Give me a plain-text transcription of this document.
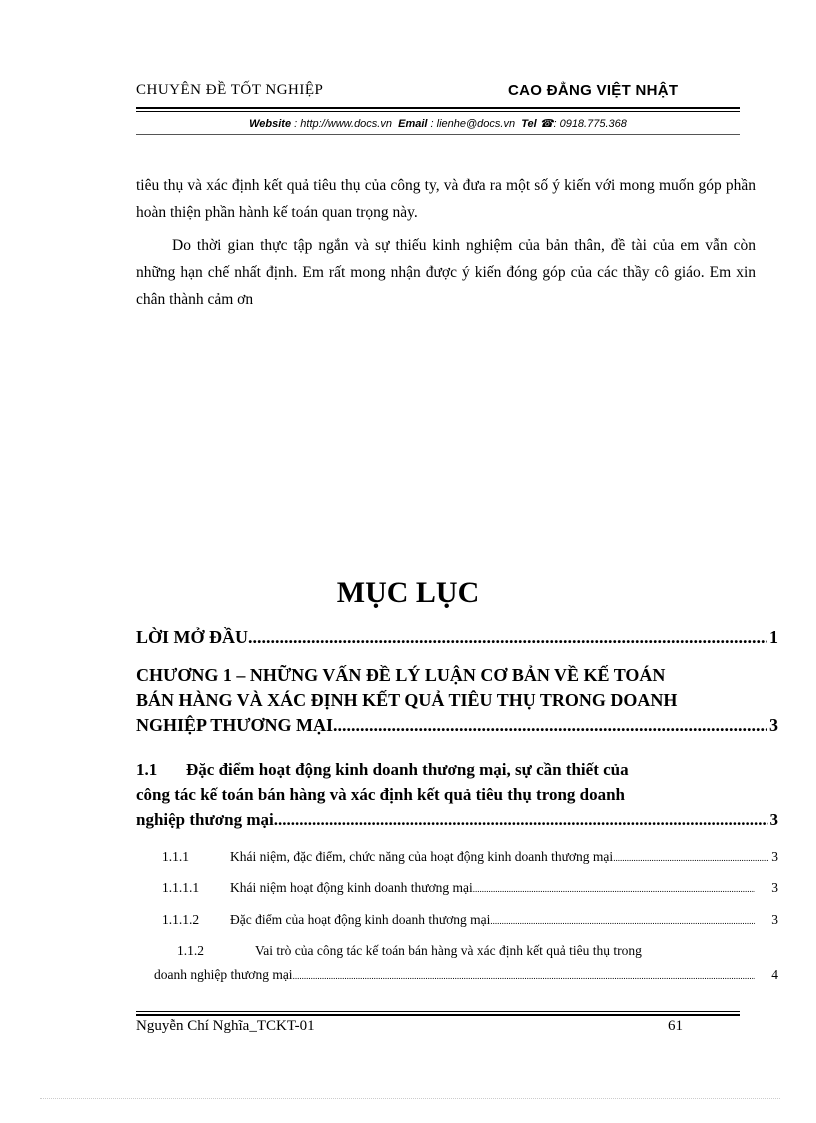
CHUYÊN ĐỀ TỐT NGHIỆP	CAO ĐẲNG VIỆT NHẬT
Website : http://www.docs.vn Email : lienhe@docs.vn Tel ☎: 0918.775.368
tiêu thụ và xác định kết quả tiêu thụ của công ty, và đưa ra một số ý kiến với mong muốn góp phần hoàn thiện phần hành kế toán quan trọng này.
Do thời gian thực tập ngắn và sự thiếu kinh nghiệm của bản thân, đề tài của em vẫn còn những hạn chế nhất định. Em rất mong nhận được ý kiến đóng góp của các thầy cô giáo. Em xin chân thành cảm ơn
MỤC LỤC
LỜI MỞ ĐẦU .....	1
CHƯƠNG 1 – NHỮNG VẤN ĐỀ LÝ LUẬN CƠ BẢN VỀ KẾ TOÁN
BÁN HÀNG VÀ XÁC ĐỊNH KẾT QUẢ TIÊU THỤ TRONG DOANH
NGHIỆP THƯƠNG MẠI .....	3
1.1 Đặc điểm hoạt động kinh doanh thương mại, sự cần thiết của
công tác kế toán bán hàng và xác định kết quả tiêu thụ trong doanh
nghiệp thương mại .....	3
1.1.1	Khái niệm, đặc điểm, chức năng của hoạt động kinh doanh thương mại .....	3
1.1.1.1	Khái niệm hoạt động kinh doanh thương mại .....	3
1.1.1.2	Đặc điểm của hoạt động kinh doanh thương mại .....	3
1.1.2	Vai trò của công tác kế toán bán hàng và xác định kết quả tiêu thụ trong
doanh nghiệp thương mại .....	4
Nguyễn Chí Nghĩa_TCKT-01	61
